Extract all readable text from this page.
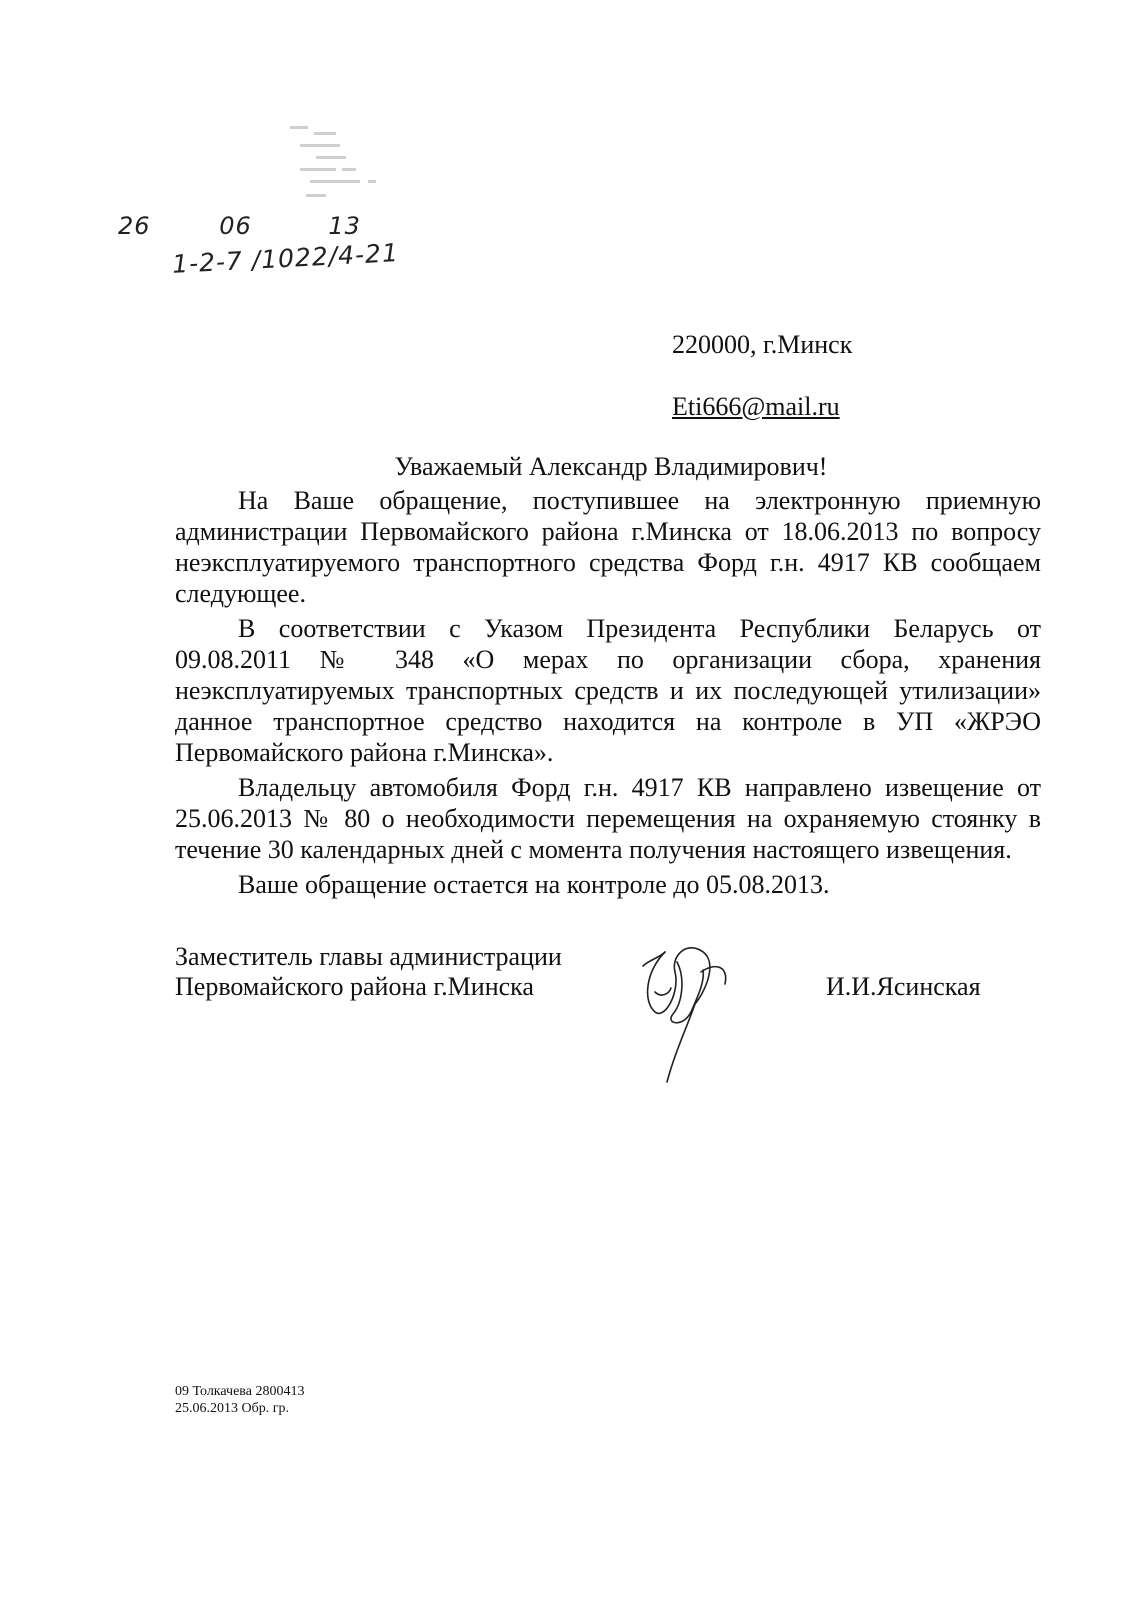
26	06	13
1-2-7 /1022/4-21
220000, г.Минск
Eti666@mail.ru
Уважаемый Александр Владимирович!

На Ваше обращение, поступившее на электронную приемную администрации Первомайского района г.Минска от 18.06.2013 по вопросу неэксплуатируемого транспортного средства Форд г.н. 4917 КВ сообщаем следующее.

В соответствии с Указом Президента Республики Беларусь от 09.08.2011 № 348 «О мерах по организации сбора, хранения неэксплуатируемых транспортных средств и их последующей утилизации» данное транспортное средство находится на контроле в УП «ЖРЭО Первомайского района г.Минска».

Владельцу автомобиля Форд г.н. 4917 КВ направлено извещение от 25.06.2013 № 80 о необходимости перемещения на охраняемую стоянку в течение 30 календарных дней с момента получения настоящего извещения.

Ваше обращение остается на контроле до 05.08.2013.

Заместитель главы администрации
Первомайского района г.Минска	И.И.Ясинская
09 Толкачева 2800413
25.06.2013 Обр. гр.
